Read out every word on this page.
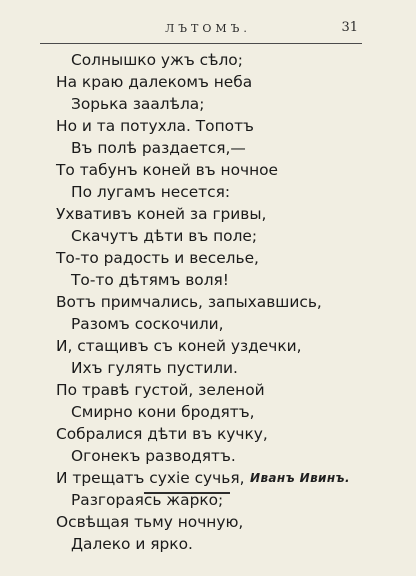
ЛЪТОМЪ.	31
Солнышко ужъ сѣло;
На краю далекомъ неба
Зорька заалѣла;
Но и та потухла. Топотъ
Въ полѣ раздается,—
То табунъ коней въ ночное
По лугамъ несется:
Ухвативъ коней за гривы,
Скачутъ дѣти въ поле;
То-то радость и веселье,
То-то дѣтямъ воля!
Вотъ примчались, запыхавшись,
Разомъ соскочили,
И, стащивъ съ коней уздечки,
Ихъ гулять пустили.
По травѣ густой, зеленой
Смирно кони бродятъ,
Собралися дѣти въ кучку,
Огонекъ разводятъ.
И трещатъ сухіе сучья,
Разгораясь жарко;
Освѣщая тьму ночную,
Далеко и ярко.
Иванъ Ивинъ.
